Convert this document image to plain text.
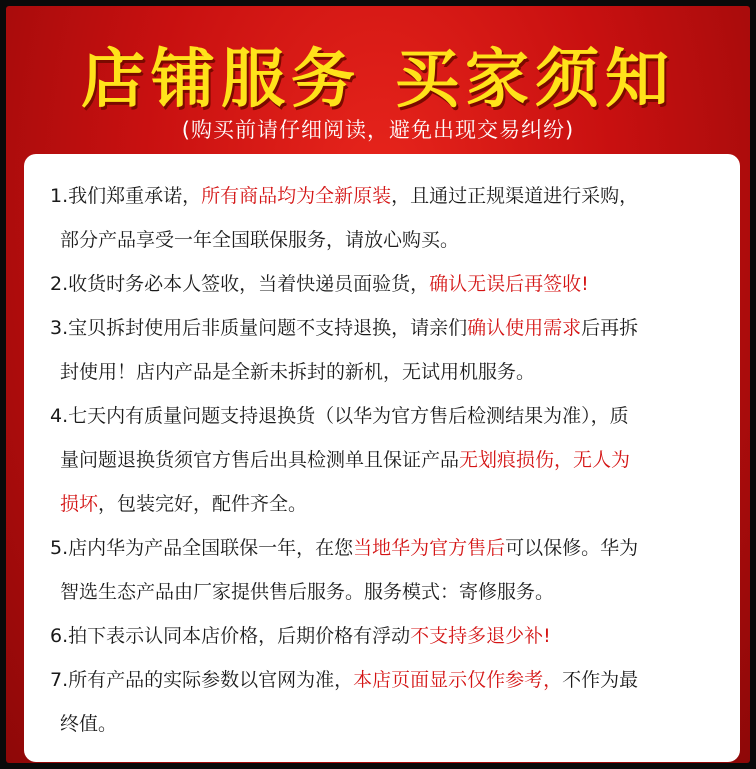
店铺服务 买家须知
(购买前请仔细阅读，避免出现交易纠纷)
1.我们郑重承诺，所有商品均为全新原装，且通过正规渠道进行采购，
部分产品享受一年全国联保服务，请放心购买。
2.收货时务必本人签收，当着快递员面验货，确认无误后再签收!
3.宝贝拆封使用后非质量问题不支持退换，请亲们确认使用需求后再拆
封使用！店内产品是全新未拆封的新机，无试用机服务。
4.七天内有质量问题支持退换货（以华为官方售后检测结果为准），质
量问题退换货须官方售后出具检测单且保证产品无划痕损伤，无人为
损坏，包装完好，配件齐全。
5.店内华为产品全国联保一年，在您当地华为官方售后可以保修。华为
智选生态产品由厂家提供售后服务。服务模式：寄修服务。
6.拍下表示认同本店价格，后期价格有浮动不支持多退少补!
7.所有产品的实际参数以官网为准，本店页面显示仅作参考，不作为最
终值。
